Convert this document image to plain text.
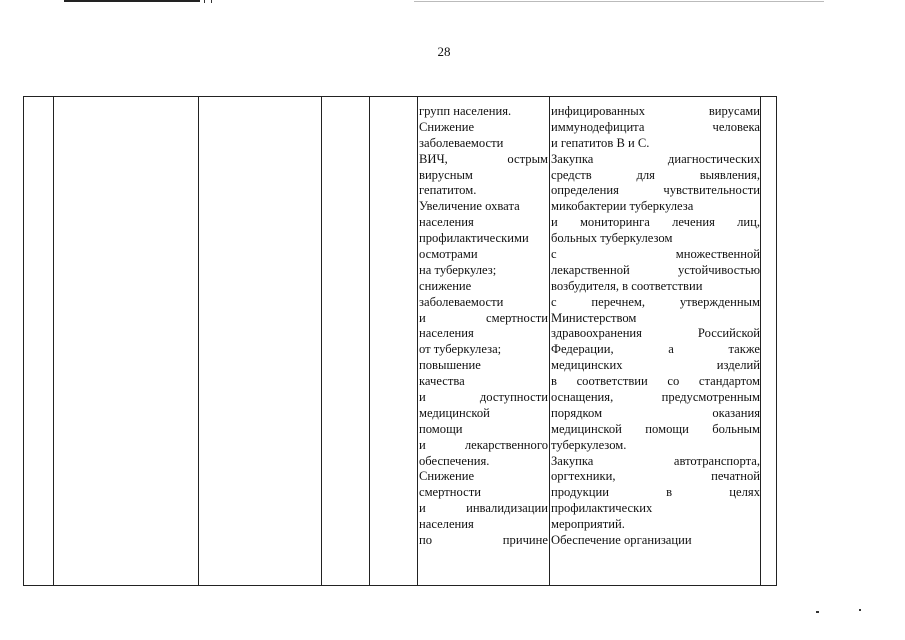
28
групп населения.
Снижение
заболеваемости
ВИЧ, острым
вирусным
гепатитом.
Увеличение охвата
населения
профилактическими
осмотрами
на туберкулез;
снижение
заболеваемости
и смертности
населения
от туберкулеза;
повышение
качества
и доступности
медицинской
помощи
и лекарственного
обеспечения.
Снижение
смертности
и инвалидизации
населения
по причине
инфицированных вирусами
иммунодефицита человека
и гепатитов В и С.
Закупка диагностических
средств для выявления,
определения чувствительности
микобактерии туберкулеза
и мониторинга лечения лиц,
больных туберкулезом
с множественной
лекарственной устойчивостью
возбудителя, в соответствии
с перечнем, утвержденным
Министерством
здравоохранения Российской
Федерации, а также
медицинских изделий
в соответствии со стандартом
оснащения, предусмотренным
порядком оказания
медицинской помощи больным
туберкулезом.
Закупка автотранспорта,
оргтехники, печатной
продукции в целях
профилактических
мероприятий.
Обеспечение организации
